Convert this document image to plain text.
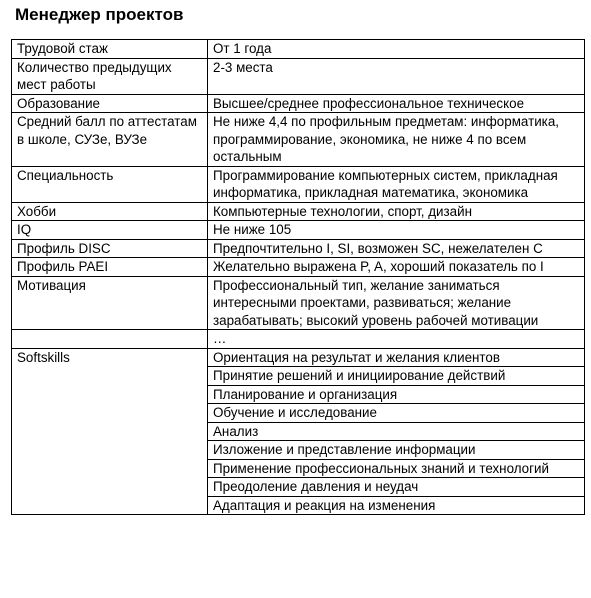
Менеджер проектов
Трудовой стаж	От 1 года
Количество предыдущих мест работы	2-3 места
Образование	Высшее/среднее профессиональное техническое
Средний балл по аттестатам в школе, СУЗе, ВУЗе	Не ниже 4,4 по профильным предметам: информатика, программирование, экономика, не ниже 4 по всем остальным
Специальность	Программирование компьютерных систем, прикладная информатика, прикладная математика, экономика
Хобби	Компьютерные технологии, спорт, дизайн
IQ	Не ниже 105
Профиль DISC	Предпочтительно I, SI, возможен SC, нежелателен C
Профиль PAEI	Желательно выражена P, A, хороший показатель по I
Мотивация	Профессиональный тип, желание заниматься интересными проектами, развиваться; желание зарабатывать; высокий уровень рабочей мотивации
	…
Softskills	Ориентация на результат и желания клиентов
	Принятие решений и инициирование действий
	Планирование и организация
	Обучение и исследование
	Анализ
	Изложение и представление информации
	Применение профессиональных знаний и технологий
	Преодоление давления и неудач
	Адаптация и реакция на изменения
